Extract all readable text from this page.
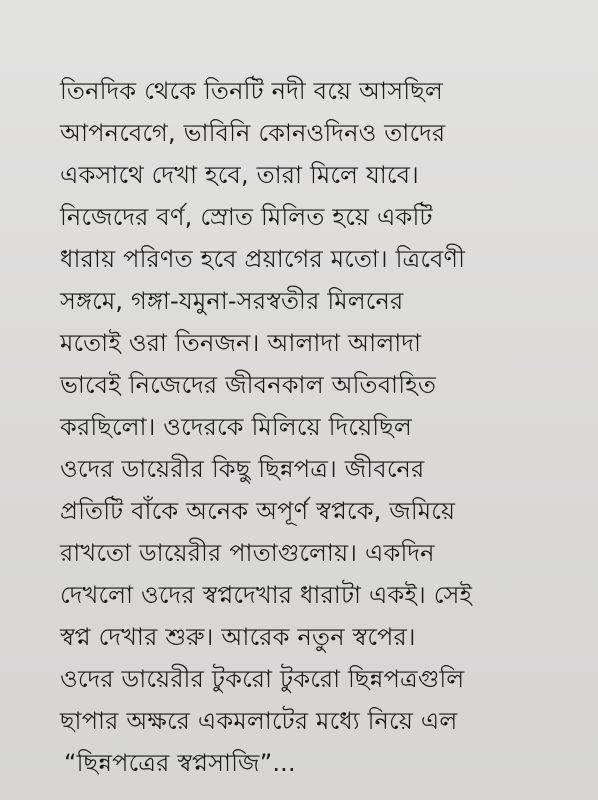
তিনদিক থেকে তিনটি নদী বয়ে আসছিল
আপনবেগে, ভাবিনি কোনওদিনও তাদের
একসাথে দেখা হবে, তারা মিলে যাবে।
নিজেদের বর্ণ, স্রোত মিলিত হয়ে একটি
ধারায় পরিণত হবে প্রয়াগের মতো। ত্রিবেণী
সঙ্গমে, গঙ্গা-যমুনা-সরস্বতীর মিলনের
মতোই ওরা তিনজন। আলাদা আলাদা
ভাবেই নিজেদের জীবনকাল অতিবাহিত
করছিলো। ওদেরকে মিলিয়ে দিয়েছিল
ওদের ডায়েরীর কিছু ছিন্নপত্র। জীবনের
প্রতিটি বাঁকে অনেক অপূর্ণ স্বপ্নকে, জমিয়ে
রাখতো ডায়েরীর পাতাগুলোয়। একদিন
দেখলো ওদের স্বপ্নদেখার ধারাটা একই। সেই
স্বপ্ন দেখার শুরু। আরেক নতুন স্বপের।
ওদের ডায়েরীর টুকরো টুকরো ছিন্নপত্রগুলি
ছাপার অক্ষরে একমলাটের মধ্যে নিয়ে এল
“ছিন্নপত্রের স্বপ্নসাজি”...
